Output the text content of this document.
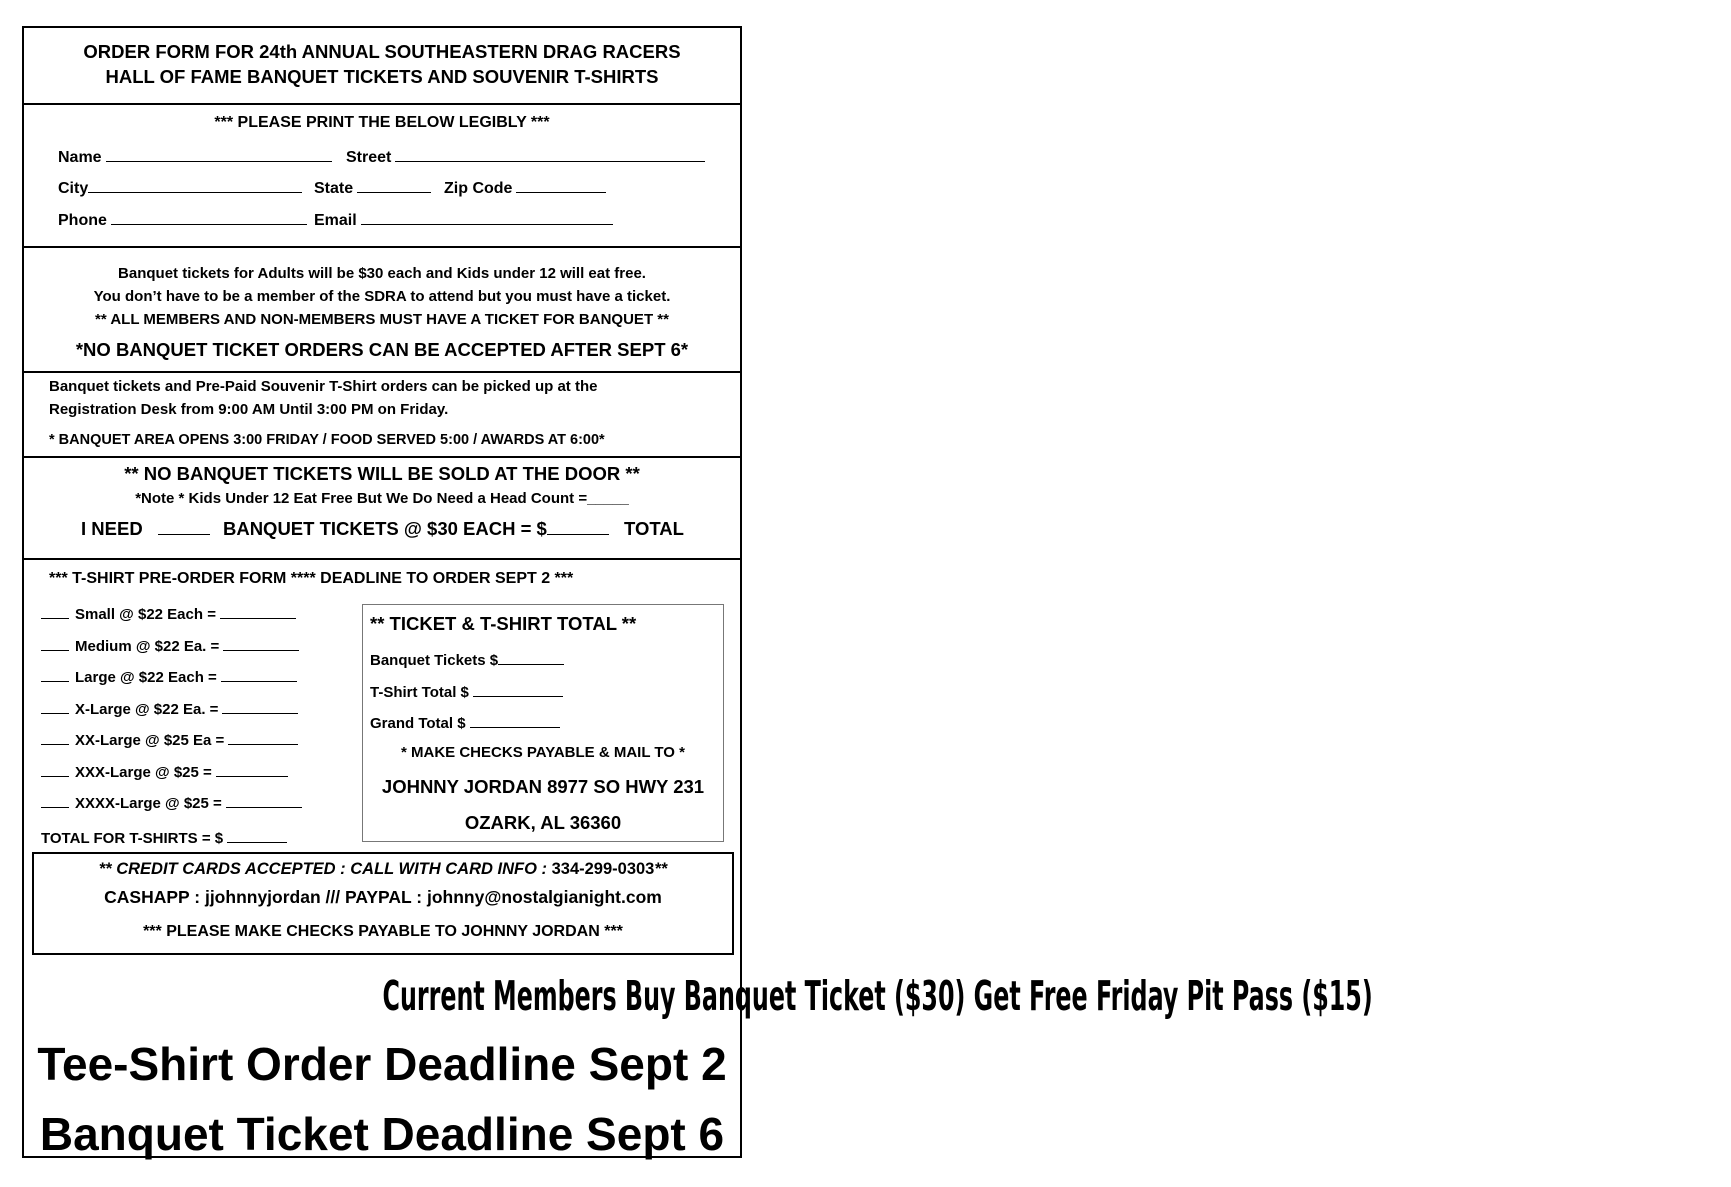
ORDER FORM FOR 24th ANNUAL SOUTHEASTERN DRAG RACERS
HALL OF FAME BANQUET TICKETS AND SOUVENIR T-SHIRTS
*** PLEASE PRINT THE BELOW LEGIBLY ***
Name	Street
City	State	Zip Code
Phone	Email
Banquet tickets for Adults will be $30 each and Kids under 12 will eat free.
You don’t have to be a member of the SDRA to attend but you must have a ticket.
** ALL MEMBERS AND NON-MEMBERS MUST HAVE A TICKET FOR BANQUET **
*NO BANQUET TICKET ORDERS CAN BE ACCEPTED AFTER SEPT 6*
Banquet tickets and Pre-Paid Souvenir T-Shirt orders can be picked up at the
Registration Desk from 9:00 AM Until 3:00 PM on Friday.
* BANQUET AREA OPENS 3:00 FRIDAY / FOOD SERVED 5:00 / AWARDS AT 6:00*
** NO BANQUET TICKETS WILL BE SOLD AT THE DOOR **
*Note * Kids Under 12 Eat Free But We Do Need a Head Count =_____
I NEED	BANQUET TICKETS @ $30 EACH = $	TOTAL
*** T-SHIRT PRE-ORDER FORM **** DEADLINE TO ORDER SEPT 2 ***
Small @ $22 Each =
Medium @ $22 Ea. =
Large @ $22 Each =
X-Large @ $22 Ea. =
XX-Large @ $25 Ea =
XXX-Large @ $25 =
XXXX-Large @ $25 =
TOTAL FOR T-SHIRTS = $
** TICKET & T-SHIRT TOTAL **
Banquet Tickets $
T-Shirt Total $
Grand Total $
* MAKE CHECKS PAYABLE & MAIL TO *
JOHNNY JORDAN 8977 SO HWY 231
OZARK, AL 36360
** CREDIT CARDS ACCEPTED : CALL WITH CARD INFO : 334-299-0303**
CASHAPP : jjohnnyjordan /// PAYPAL : johnny@nostalgianight.com
*** PLEASE MAKE CHECKS PAYABLE TO JOHNNY JORDAN ***
Current Members Buy Banquet Ticket ($30) Get Free Friday Pit Pass ($15)
Tee-Shirt Order Deadline Sept 2
Banquet Ticket Deadline Sept 6
